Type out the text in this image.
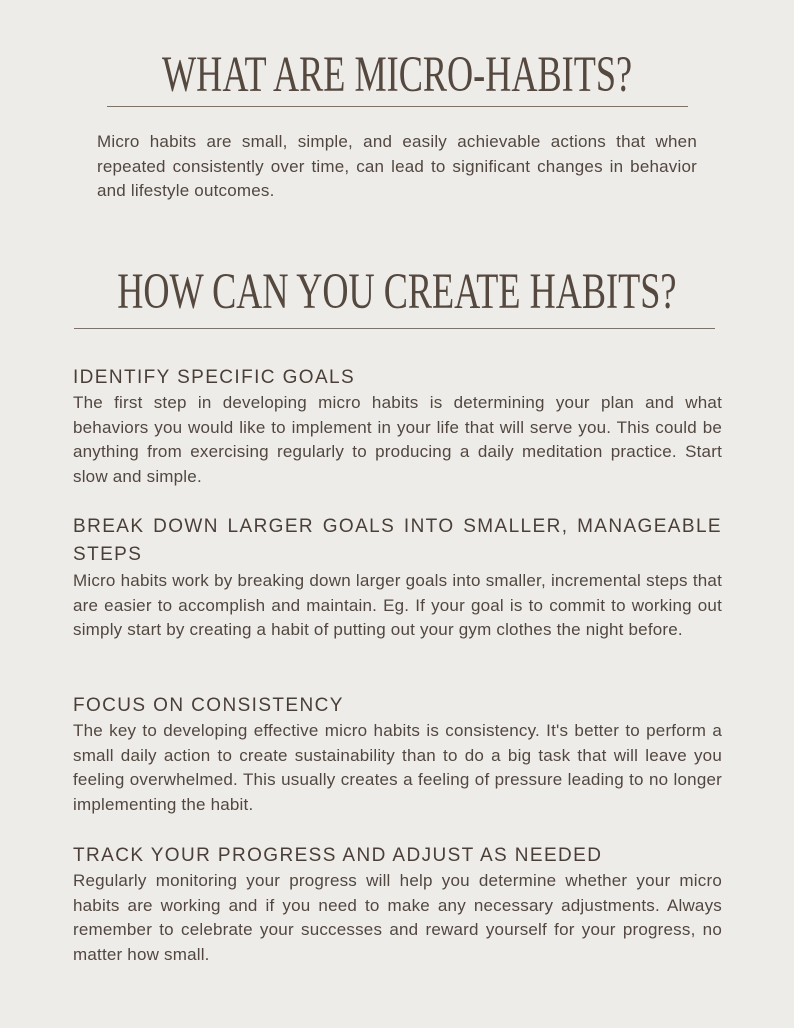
WHAT ARE MICRO-HABITS?

Micro habits are small, simple, and easily achievable actions that when repeated consistently over time, can lead to significant changes in behavior and lifestyle outcomes.

HOW CAN YOU CREATE HABITS?
IDENTIFY SPECIFIC GOALS

The first step in developing micro habits is determining your plan and what behaviors you would like to implement in your life that will serve you. This could be anything from exercising regularly to producing a daily meditation practice. Start slow and simple.

BREAK DOWN LARGER GOALS INTO SMALLER, MANAGEABLE STEPS

Micro habits work by breaking down larger goals into smaller, incremental steps that are easier to accomplish and maintain. Eg. If your goal is to commit to working out simply start by creating a habit of putting out your gym clothes the night before.

FOCUS ON CONSISTENCY

The key to developing effective micro habits is consistency. It's better to perform a small daily action to create sustainability than to do a big task that will leave you feeling overwhelmed. This usually creates a feeling of pressure leading to no longer implementing the habit.

TRACK YOUR PROGRESS AND ADJUST AS NEEDED

Regularly monitoring your progress will help you determine whether your micro habits are working and if you need to make any necessary adjustments. Always remember to celebrate your successes and reward yourself for your progress, no matter how small.
